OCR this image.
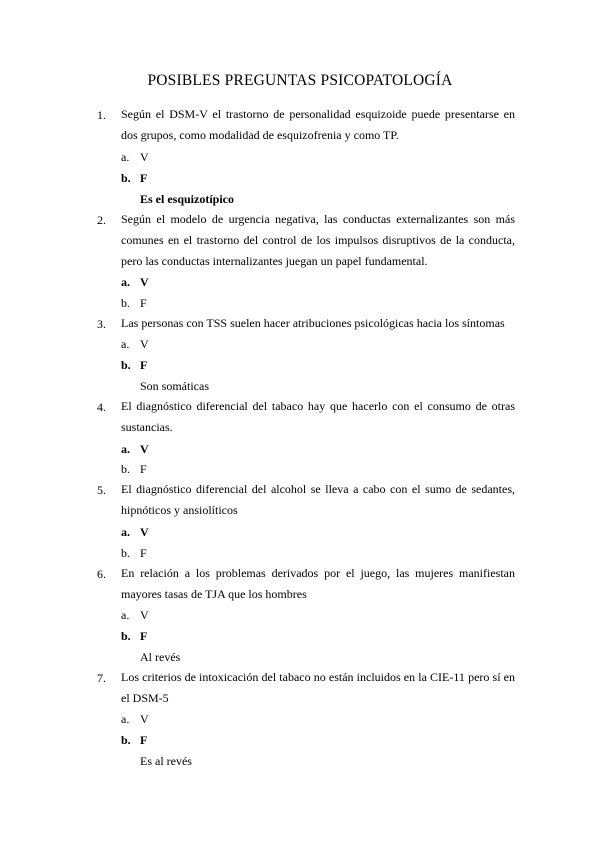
POSIBLES PREGUNTAS PSICOPATOLOGÍA
1. Según el DSM-V el trastorno de personalidad esquizoide puede presentarse en dos grupos, como modalidad de esquizofrenia y como TP.
a. V
b. F
Es el esquizotípico
2. Según el modelo de urgencia negativa, las conductas externalizantes son más comunes en el trastorno del control de los impulsos disruptivos de la conducta, pero las conductas internalizantes juegan un papel fundamental.
a. V
b. F
3. Las personas con TSS suelen hacer atribuciones psicológicas hacia los síntomas
a. V
b. F
Son somáticas
4. El diagnóstico diferencial del tabaco hay que hacerlo con el consumo de otras sustancias.
a. V
b. F
5. El diagnóstico diferencial del alcohol se lleva a cabo con el sumo de sedantes, hipnóticos y ansiolíticos
a. V
b. F
6. En relación a los problemas derivados por el juego, las mujeres manifiestan mayores tasas de TJA que los hombres
a. V
b. F
Al revés
7. Los criterios de intoxicación del tabaco no están incluidos en la CIE-11 pero sí en el DSM-5
a. V
b. F
Es al revés
